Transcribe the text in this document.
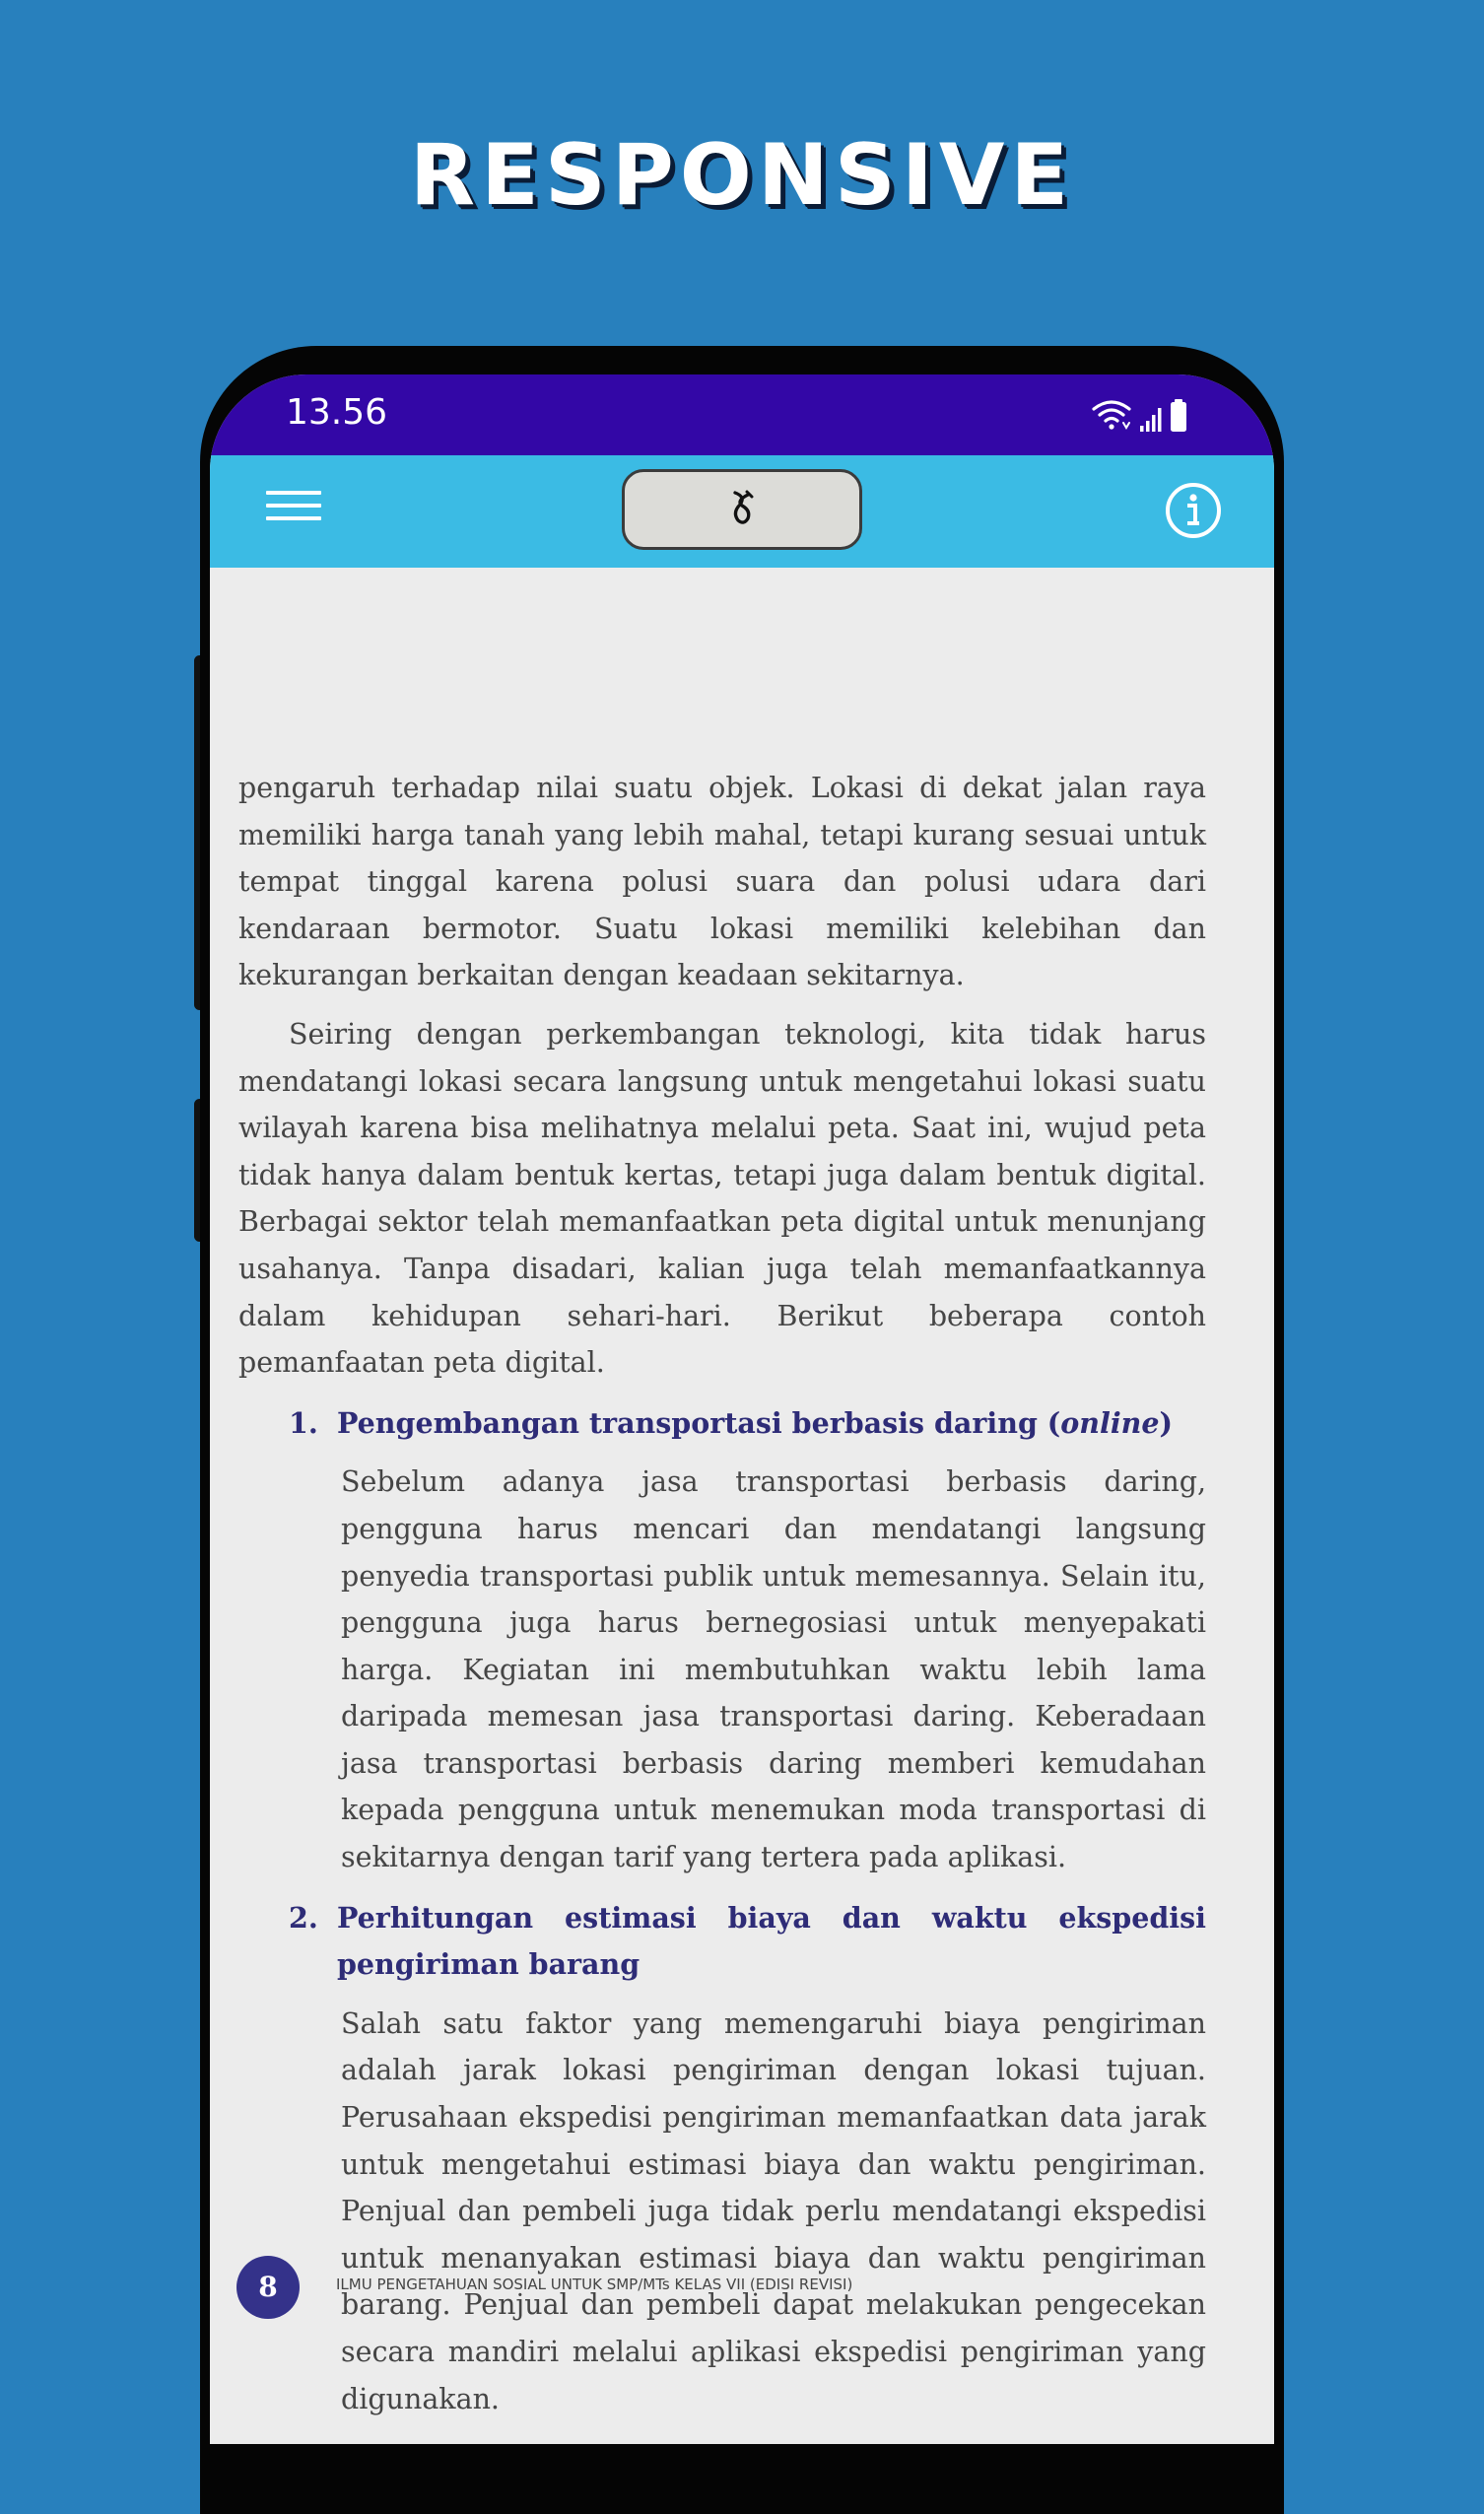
RESPONSIVE
13.56

pengaruh terhadap nilai suatu objek. Lokasi di dekat jalan raya memiliki harga tanah yang lebih mahal, tetapi kurang sesuai untuk tempat tinggal karena polusi suara dan polusi udara dari kendaraan bermotor. Suatu lokasi memiliki kelebihan dan kekurangan berkaitan dengan keadaan sekitarnya.

Seiring dengan perkembangan teknologi, kita tidak harus mendatangi lokasi secara langsung untuk mengetahui lokasi suatu wilayah karena bisa melihatnya melalui peta. Saat ini, wujud peta tidak hanya dalam bentuk kertas, tetapi juga dalam bentuk digital. Berbagai sektor telah memanfaatkan peta digital untuk menunjang usahanya. Tanpa disadari, kalian juga telah memanfaatkannya dalam kehidupan sehari-hari. Berikut beberapa contoh pemanfaatan peta digital.

1. Pengembangan transportasi berbasis daring (online)

Sebelum adanya jasa transportasi berbasis daring, pengguna harus mencari dan mendatangi langsung penyedia transportasi publik untuk memesannya. Selain itu, pengguna juga harus bernegosiasi untuk menyepakati harga. Kegiatan ini membutuhkan waktu lebih lama daripada memesan jasa transportasi daring. Keberadaan jasa transportasi berbasis daring memberi kemudahan kepada pengguna untuk menemukan moda transportasi di sekitarnya dengan tarif yang tertera pada aplikasi.

2. Perhitungan estimasi biaya dan waktu ekspedisi pengiriman barang

Salah satu faktor yang memengaruhi biaya pengiriman adalah jarak lokasi pengiriman dengan lokasi tujuan. Perusahaan ekspedisi pengiriman memanfaatkan data jarak untuk mengetahui estimasi biaya dan waktu pengiriman. Penjual dan pembeli juga tidak perlu mendatangi ekspedisi untuk menanyakan estimasi biaya dan waktu pengiriman barang. Penjual dan pembeli dapat melakukan pengecekan secara mandiri melalui aplikasi ekspedisi pengiriman yang digunakan.

8	ILMU PENGETAHUAN SOSIAL UNTUK SMP/MTs KELAS VII (EDISI REVISI)
